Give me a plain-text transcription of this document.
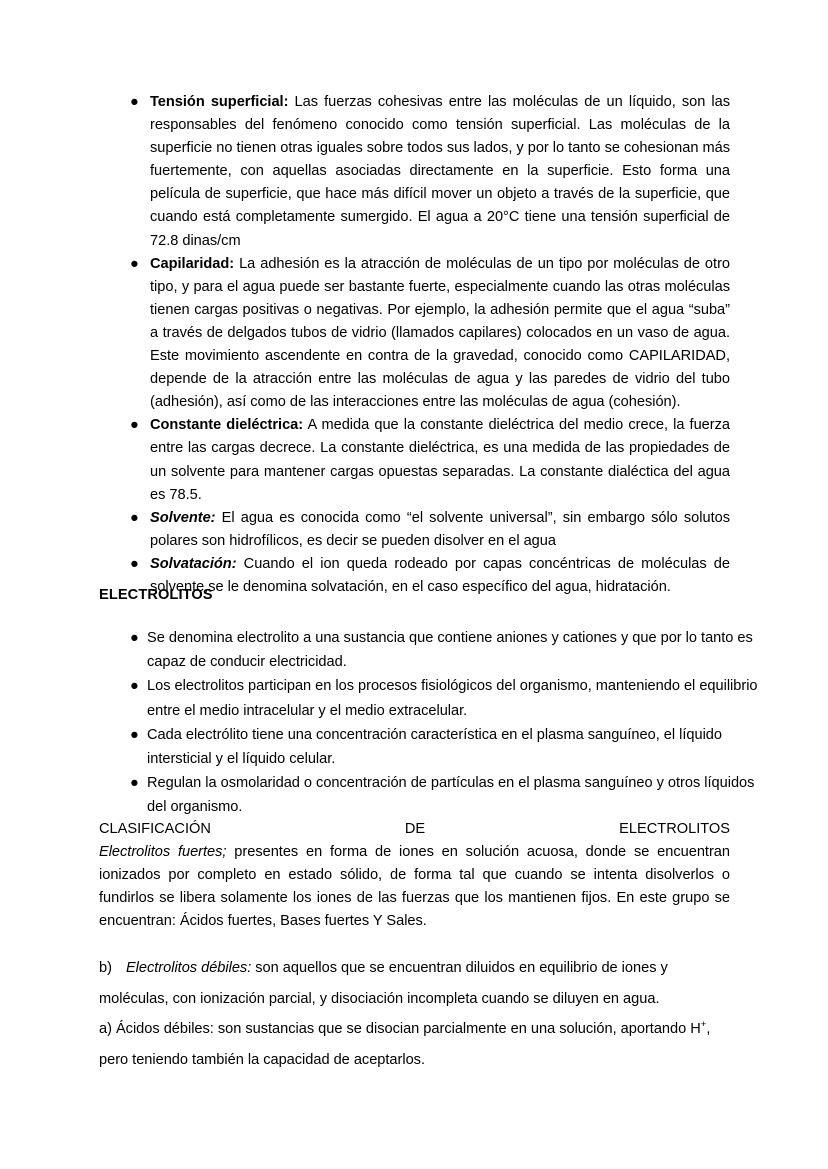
● Tensión superficial: Las fuerzas cohesivas entre las moléculas de un líquido, son las responsables del fenómeno conocido como tensión superficial. Las moléculas de la superficie no tienen otras iguales sobre todos sus lados, y por lo tanto se cohesionan más fuertemente, con aquellas asociadas directamente en la superficie. Esto forma una película de superficie, que hace más difícil mover un objeto a través de la superficie, que cuando está completamente sumergido. El agua a 20°C tiene una tensión superficial de 72.8 dinas/cm
● Capilaridad: La adhesión es la atracción de moléculas de un tipo por moléculas de otro tipo, y para el agua puede ser bastante fuerte, especialmente cuando las otras moléculas tienen cargas positivas o negativas. Por ejemplo, la adhesión permite que el agua “suba” a través de delgados tubos de vidrio (llamados capilares) colocados en un vaso de agua. Este movimiento ascendente en contra de la gravedad, conocido como CAPILARIDAD, depende de la atracción entre las moléculas de agua y las paredes de vidrio del tubo (adhesión), así como de las interacciones entre las moléculas de agua (cohesión).
● Constante dieléctrica: A medida que la constante dieléctrica del medio crece, la fuerza entre las cargas decrece. La constante dieléctrica, es una medida de las propiedades de un solvente para mantener cargas opuestas separadas. La constante dialéctica del agua es 78.5.
● Solvente: El agua es conocida como “el solvente universal”, sin embargo sólo solutos polares son hidrofílicos, es decir se pueden disolver en el agua
● Solvatación: Cuando el ion queda rodeado por capas concéntricas de moléculas de solvente,se le denomina solvatación, en el caso específico del agua, hidratación.
ELECTROLITOS
● Se denomina electrolito a una sustancia que contiene aniones y cationes y que por lo tanto es capaz de conducir electricidad.
● Los electrolitos participan en los procesos fisiológicos del organismo, manteniendo el equilibrio entre el medio intracelular y el medio extracelular.
● Cada electrólito tiene una concentración característica en el plasma sanguíneo, el líquido intersticial y el líquido celular.
● Regulan la osmolaridad o concentración de partículas en el plasma sanguíneo y otros líquidos del organismo.
CLASIFICACIÓN	DE	ELECTROLITOS
Electrolitos fuertes; presentes en forma de iones en solución acuosa, donde se encuentran ionizados por completo en estado sólido, de forma tal que cuando se intenta disolverlos o fundirlos se libera solamente los iones de las fuerzas que los mantienen fijos. En este grupo se encuentran: Ácidos fuertes, Bases fuertes Y Sales.

b) Electrolitos débiles: son aquellos que se encuentran diluidos en equilibrio de iones y moléculas, con ionización parcial, y disociación incompleta cuando se diluyen en agua.

a) Ácidos débiles: son sustancias que se disocian parcialmente en una solución, aportando H+, pero teniendo también la capacidad de aceptarlos.
